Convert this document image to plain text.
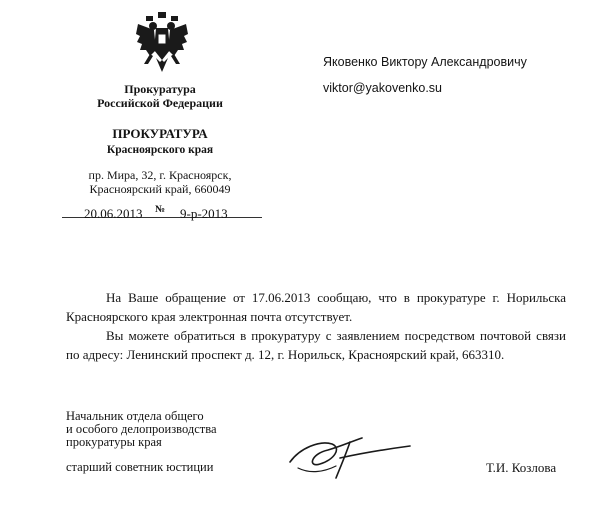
Прокуратура
Российской Федерации
ПРОКУРАТУРА
Красноярского края
пр. Мира, 32, г. Красноярск,
Красноярский край, 660049
20.06.2013 № 9-р-2013
Яковенко Виктору Александровичу
viktor@yakovenko.su

На Ваше обращение от 17.06.2013 сообщаю, что в прокуратуре г. Норильска Красноярского края электронная почта отсутствует.

Вы можете обратиться в прокуратуру с заявлением посредством почтовой связи по адресу: Ленинский проспект д. 12, г. Норильск, Красноярский край, 663310.

Начальник отдела общего
и особого делопроизводства
прокуратуры края
старший советник юстиции	Т.И. Козлова
